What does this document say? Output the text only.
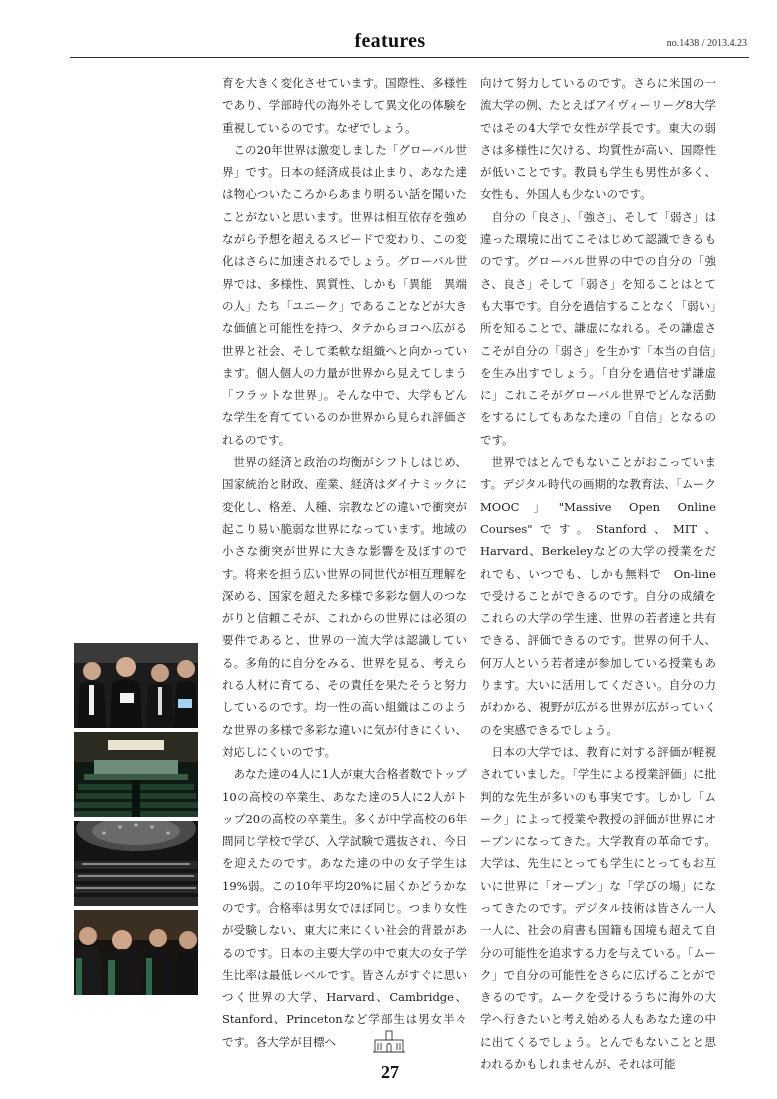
features	no.1438 / 2013.4.23

育を大きく変化させています。国際性、多様性であり、学部時代の海外そして異文化の体験を重視しているのです。なぜでしょう。

この20年世界は激変しました「グローバル世界」です。日本の経済成長は止まり、あなた達は物心ついたころからあまり明るい話を聞いたことがないと思います。世界は相互依存を強めながら予想を超えるスピードで変わり、この変化はさらに加速されるでしょう。グローバル世界では、多様性、異質性、しかも「異能　異端の人」たち「ユニーク」であることなどが大きな価値と可能性を持つ、タテからヨコへ広がる世界と社会、そして柔軟な組織へと向かっています。個人個人の力量が世界から見えてしまう「フラットな世界」。そんな中で、大学もどんな学生を育てているのか世界から見られ評価されるのです。

世界の経済と政治の均衡がシフトしはじめ、国家統治と財政、産業、経済はダイナミックに変化し、格差、人種、宗教などの違いで衝突が起こり易い脆弱な世界になっています。地域の小さな衝突が世界に大きな影響を及ぼすのです。将来を担う広い世界の同世代が相互理解を深める、国家を超えた多様で多彩な個人のつながりと信頼こそが、これからの世界には必須の要件であると、世界の一流大学は認識している。多角的に自分をみる、世界を見る、考えられる人材に育てる、その責任を果たそうと努力しているのです。均一性の高い組織はこのような世界の多様で多彩な違いに気が付きにくい、対応しにくいのです。

あなた達の4人に1人が東大合格者数でトップ10の高校の卒業生、あなた達の5人に2人がトップ20の高校の卒業生。多くが中学高校の6年間同じ学校で学び、入学試験で選抜され、今日を迎えたのです。あなた達の中の女子学生は19%弱。この10年平均20%に届くかどうかなのです。合格率は男女でほぼ同じ。つまり女性が受験しない、東大に来にくい社会的背景があるのです。日本の主要大学の中で東大の女子学生比率は最低レベルです。皆さんがすぐに思いつく世界の大学、Harvard、Cambridge、Stanford、Princetonなど学部生は男女半々です。各大学が目標へ

向けて努力しているのです。さらに米国の一流大学の例、たとえばアイヴィーリーグ8大学ではその4大学で女性が学長です。東大の弱さは多様性に欠ける、均質性が高い、国際性が低いことです。教員も学生も男性が多く、女性も、外国人も少ないのです。

自分の「良さ」、「強さ」、そして「弱さ」は違った環境に出てこそはじめて認識できるものです。グローバル世界の中での自分の「強さ、良さ」そして「弱さ」を知ることはとても大事です。自分を過信することなく「弱い」所を知ることで、謙虚になれる。その謙虚さこそが自分の「弱さ」を生かす「本当の自信」を生み出すでしょう。「自分を過信せず謙虚に」これこそがグローバル世界でどんな活動をするにしてもあなた達の「自信」となるのです。

世界ではとんでもないことがおこっています。デジタル時代の画期的な教育法、「ムーク MOOC」"Massive Open Online Courses"です。Stanford、MIT、Harvard、Berkeleyなどの大学の授業をだれでも、いつでも、しかも無料で　On-lineで受けることができるのです。自分の成績をこれらの大学の学生達、世界の若者達と共有できる、評価できるのです。世界の何千人、何万人という若者達が参加している授業もあります。大いに活用してください。自分の力がわかる、視野が広がる世界が広がっていくのを実感できるでしょう。

日本の大学では、教育に対する評価が軽視されていました。「学生による授業評価」に批判的な先生が多いのも事実です。しかし「ムーク」によって授業や教授の評価が世界にオープンになってきた。大学教育の革命です。大学は、先生にとっても学生にとってもお互いに世界に「オープン」な「学びの場」になってきたのです。デジタル技術は皆さん一人一人に、社会の肩書も国籍も国境も超えて自分の可能性を追求する力を与えている。「ムーク」で自分の可能性をさらに広げることができるのです。ムークを受けるうちに海外の大学へ行きたいと考え始める人もあなた達の中に出てくるでしょう。とんでもないことと思われるかもしれませんが、それは可能

27
